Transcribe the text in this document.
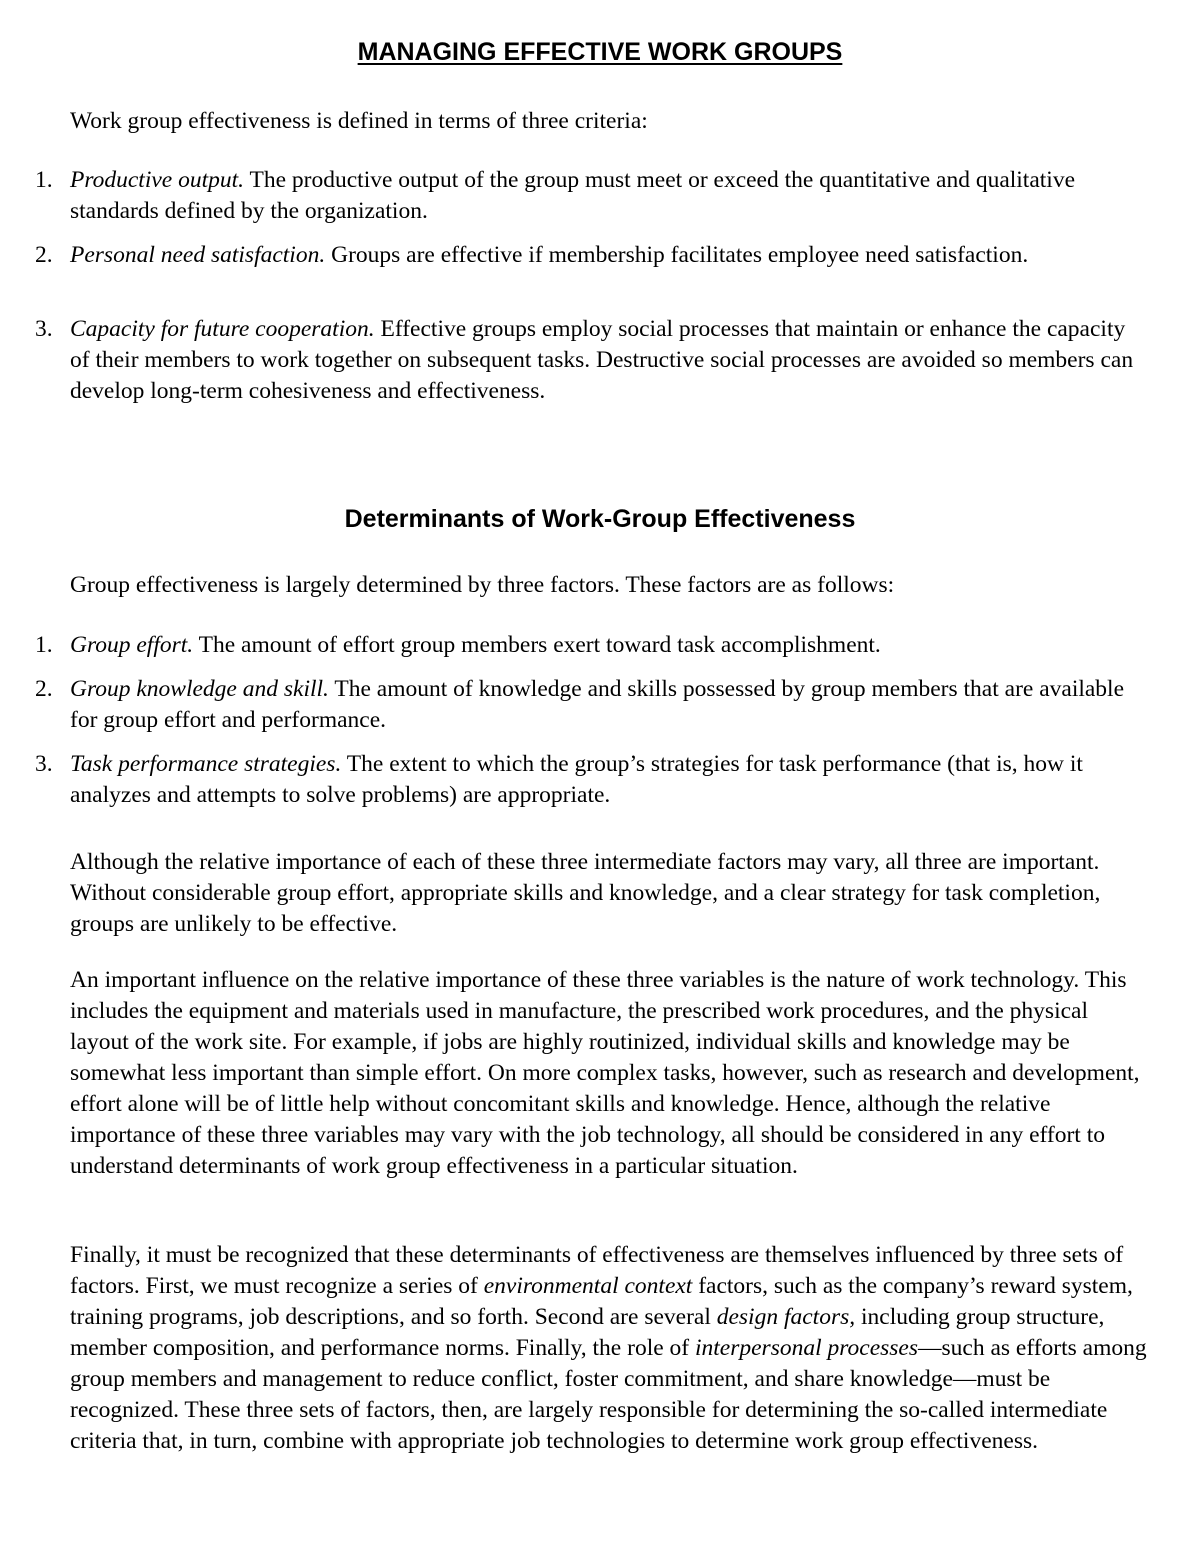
MANAGING EFFECTIVE WORK GROUPS

Work group effectiveness is defined in terms of three criteria:

1. Productive output. The productive output of the group must meet or exceed the quantitative and qualitative standards defined by the organization.
2. Personal need satisfaction. Groups are effective if membership facilitates employee need satisfaction.
3. Capacity for future cooperation. Effective groups employ social processes that maintain or enhance the capacity of their members to work together on subsequent tasks. Destructive social processes are avoided so members can develop long-term cohesiveness and effectiveness.
Determinants of Work-Group Effectiveness

Group effectiveness is largely determined by three factors. These factors are as follows:

1. Group effort. The amount of effort group members exert toward task accomplishment.
2. Group knowledge and skill. The amount of knowledge and skills possessed by group members that are available for group effort and performance.
3. Task performance strategies. The extent to which the group’s strategies for task performance (that is, how it analyzes and attempts to solve problems) are appropriate.

Although the relative importance of each of these three intermediate factors may vary, all three are important. Without considerable group effort, appropriate skills and knowledge, and a clear strategy for task completion, groups are unlikely to be effective.

An important influence on the relative importance of these three variables is the nature of work technology. This includes the equipment and materials used in manufacture, the prescribed work procedures, and the physical layout of the work site. For example, if jobs are highly routinized, individual skills and knowledge may be somewhat less important than simple effort. On more complex tasks, however, such as research and development, effort alone will be of little help without concomitant skills and knowledge. Hence, although the relative importance of these three variables may vary with the job technology, all should be considered in any effort to understand determinants of work group effectiveness in a particular situation.

Finally, it must be recognized that these determinants of effectiveness are themselves influenced by three sets of factors. First, we must recognize a series of environmental context factors, such as the company’s reward system, training programs, job descriptions, and so forth. Second are several design factors, including group structure, member composition, and performance norms. Finally, the role of interpersonal processes—such as efforts among group members and management to reduce conflict, foster commitment, and share knowledge—must be recognized. These three sets of factors, then, are largely responsible for determining the so-called intermediate criteria that, in turn, combine with appropriate job technologies to determine work group effectiveness.
